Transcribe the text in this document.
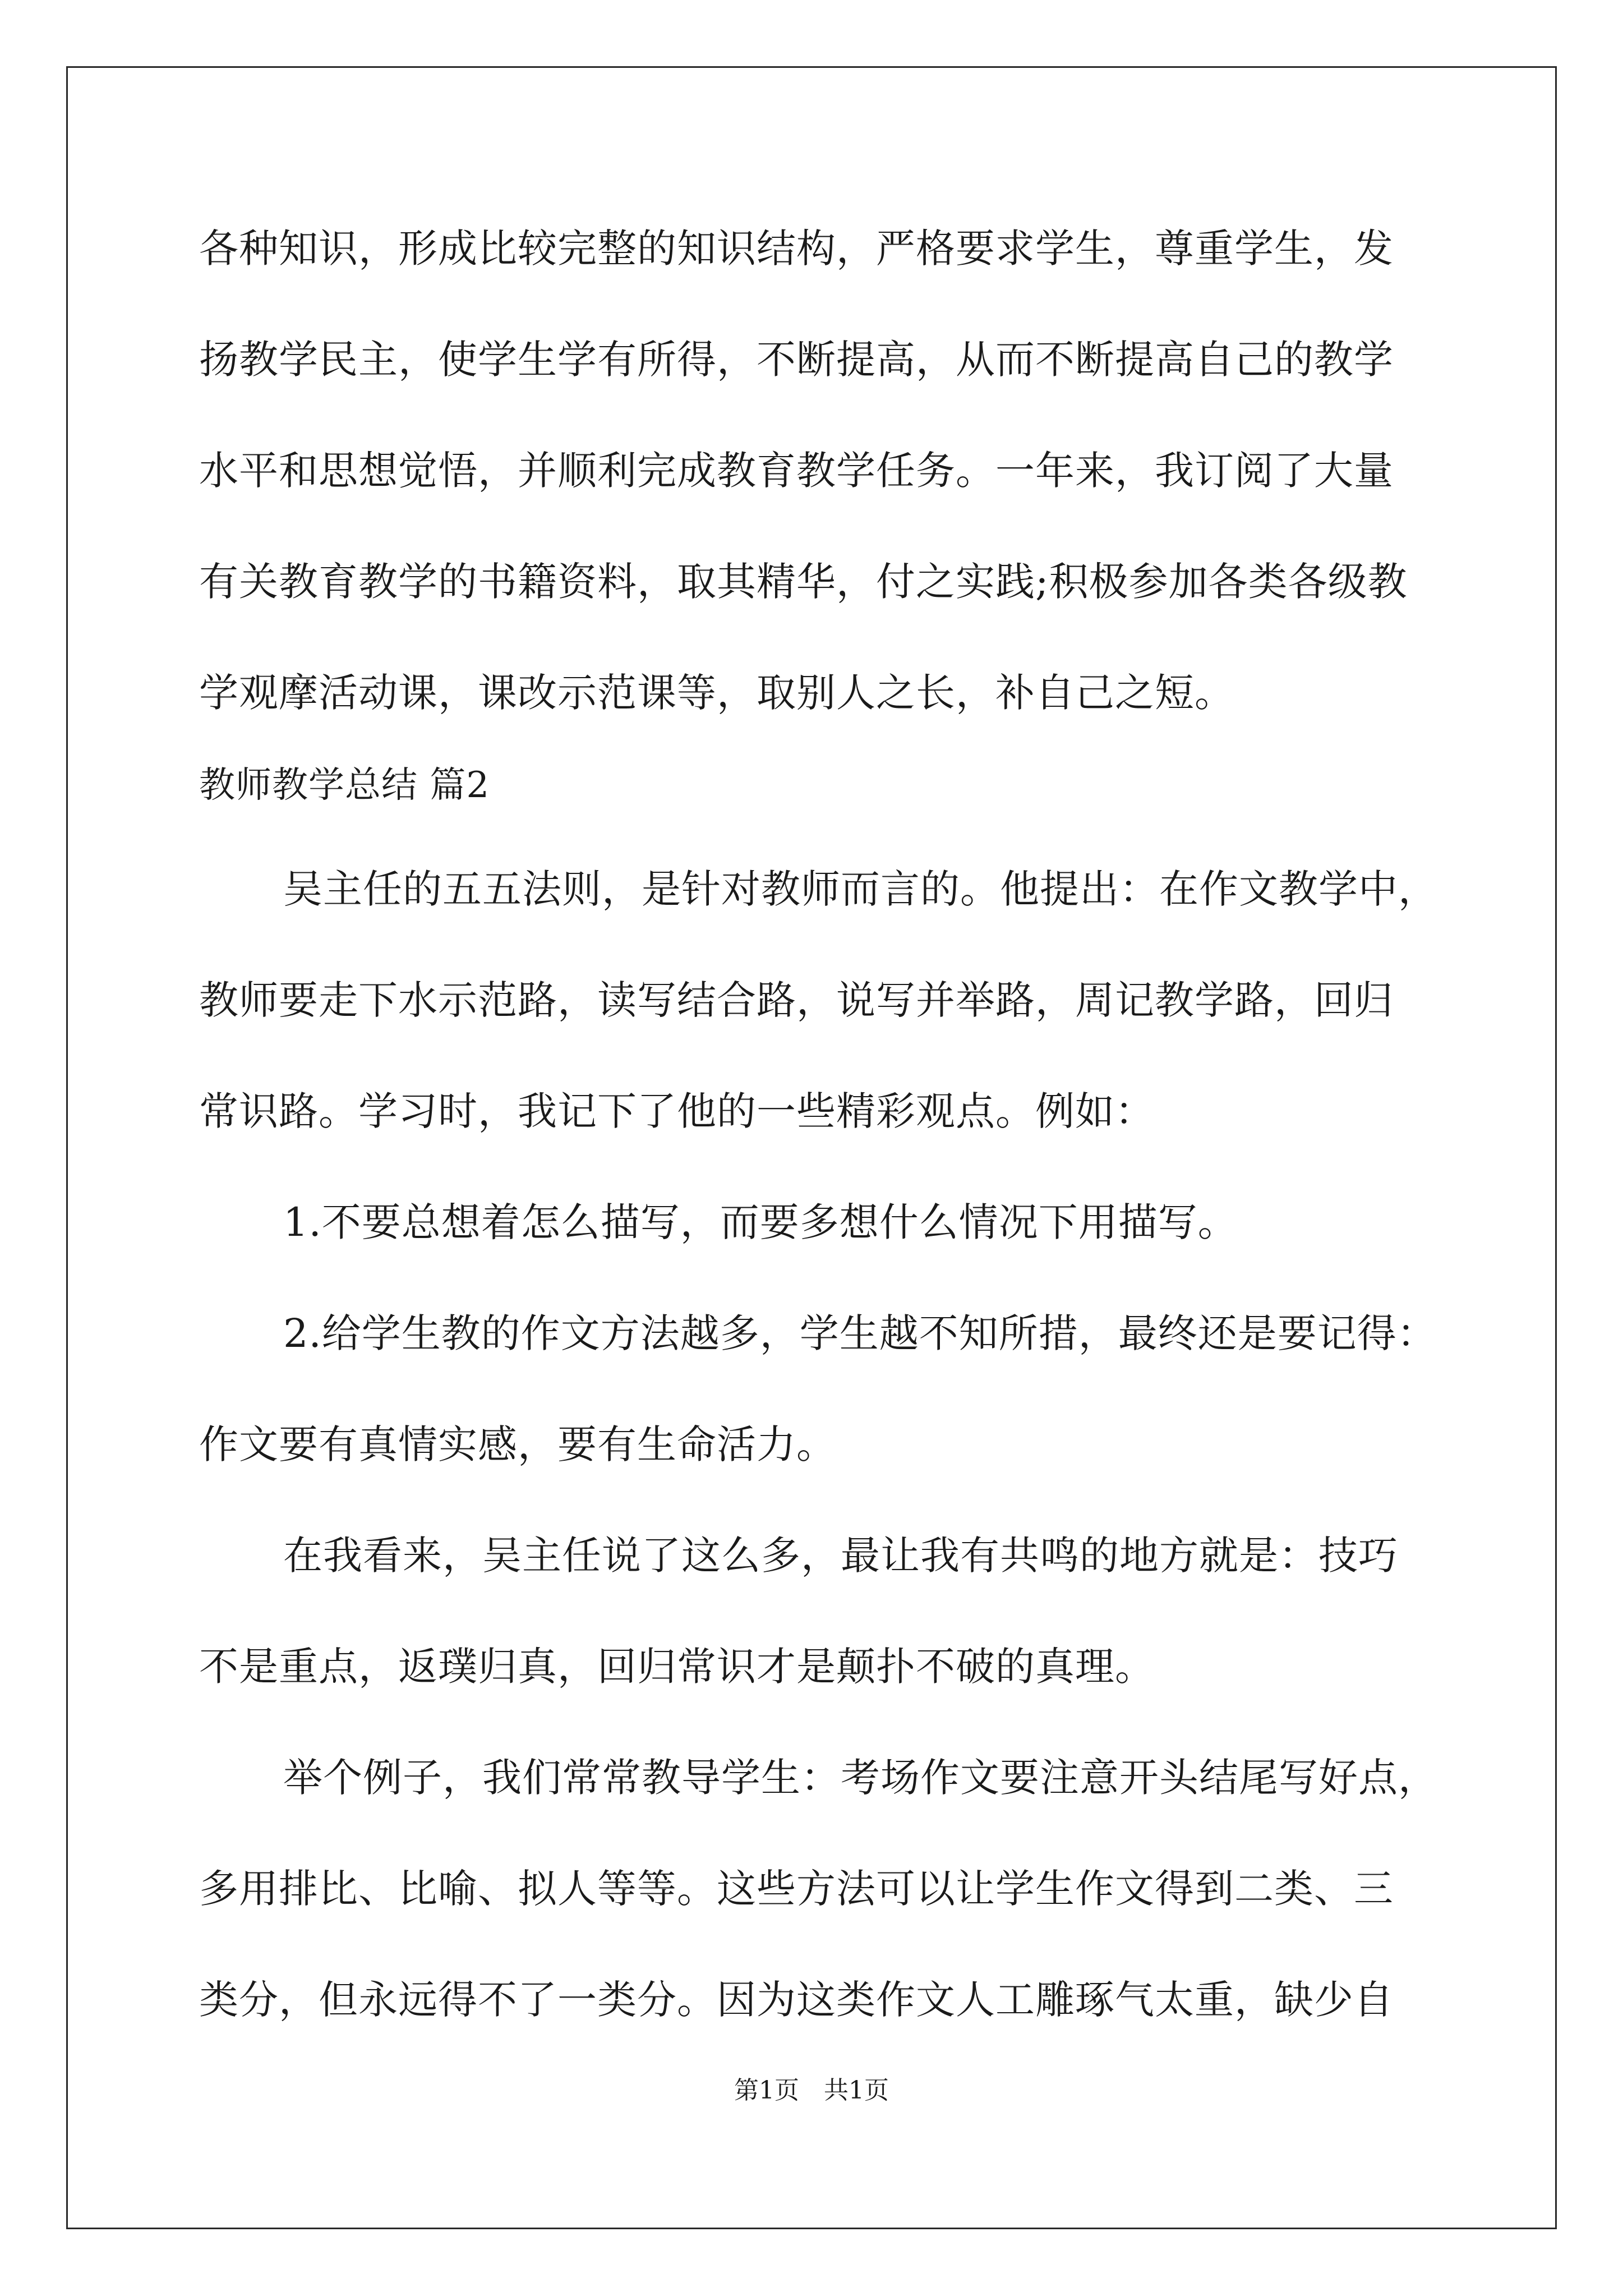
各种知识，形成比较完整的知识结构，严格要求学生，尊重学生，发

扬教学民主，使学生学有所得，不断提高，从而不断提高自己的教学

水平和思想觉悟，并顺利完成教育教学任务。一年来，我订阅了大量

有关教育教学的书籍资料，取其精华，付之实践;积极参加各类各级教

学观摩活动课，课改示范课等，取别人之长，补自己之短。

教师教学总结 篇2

吴主任的五五法则，是针对教师而言的。他提出：在作文教学中，

教师要走下水示范路，读写结合路，说写并举路，周记教学路，回归

常识路。学习时，我记下了他的一些精彩观点。例如：

1.不要总想着怎么描写，而要多想什么情况下用描写。

2.给学生教的作文方法越多，学生越不知所措，最终还是要记得：

作文要有真情实感，要有生命活力。

在我看来，吴主任说了这么多，最让我有共鸣的地方就是：技巧

不是重点，返璞归真，回归常识才是颠扑不破的真理。

举个例子，我们常常教导学生：考场作文要注意开头结尾写好点，

多用排比、比喻、拟人等等。这些方法可以让学生作文得到二类、三

类分，但永远得不了一类分。因为这类作文人工雕琢气太重，缺少自

第1页　共1页
